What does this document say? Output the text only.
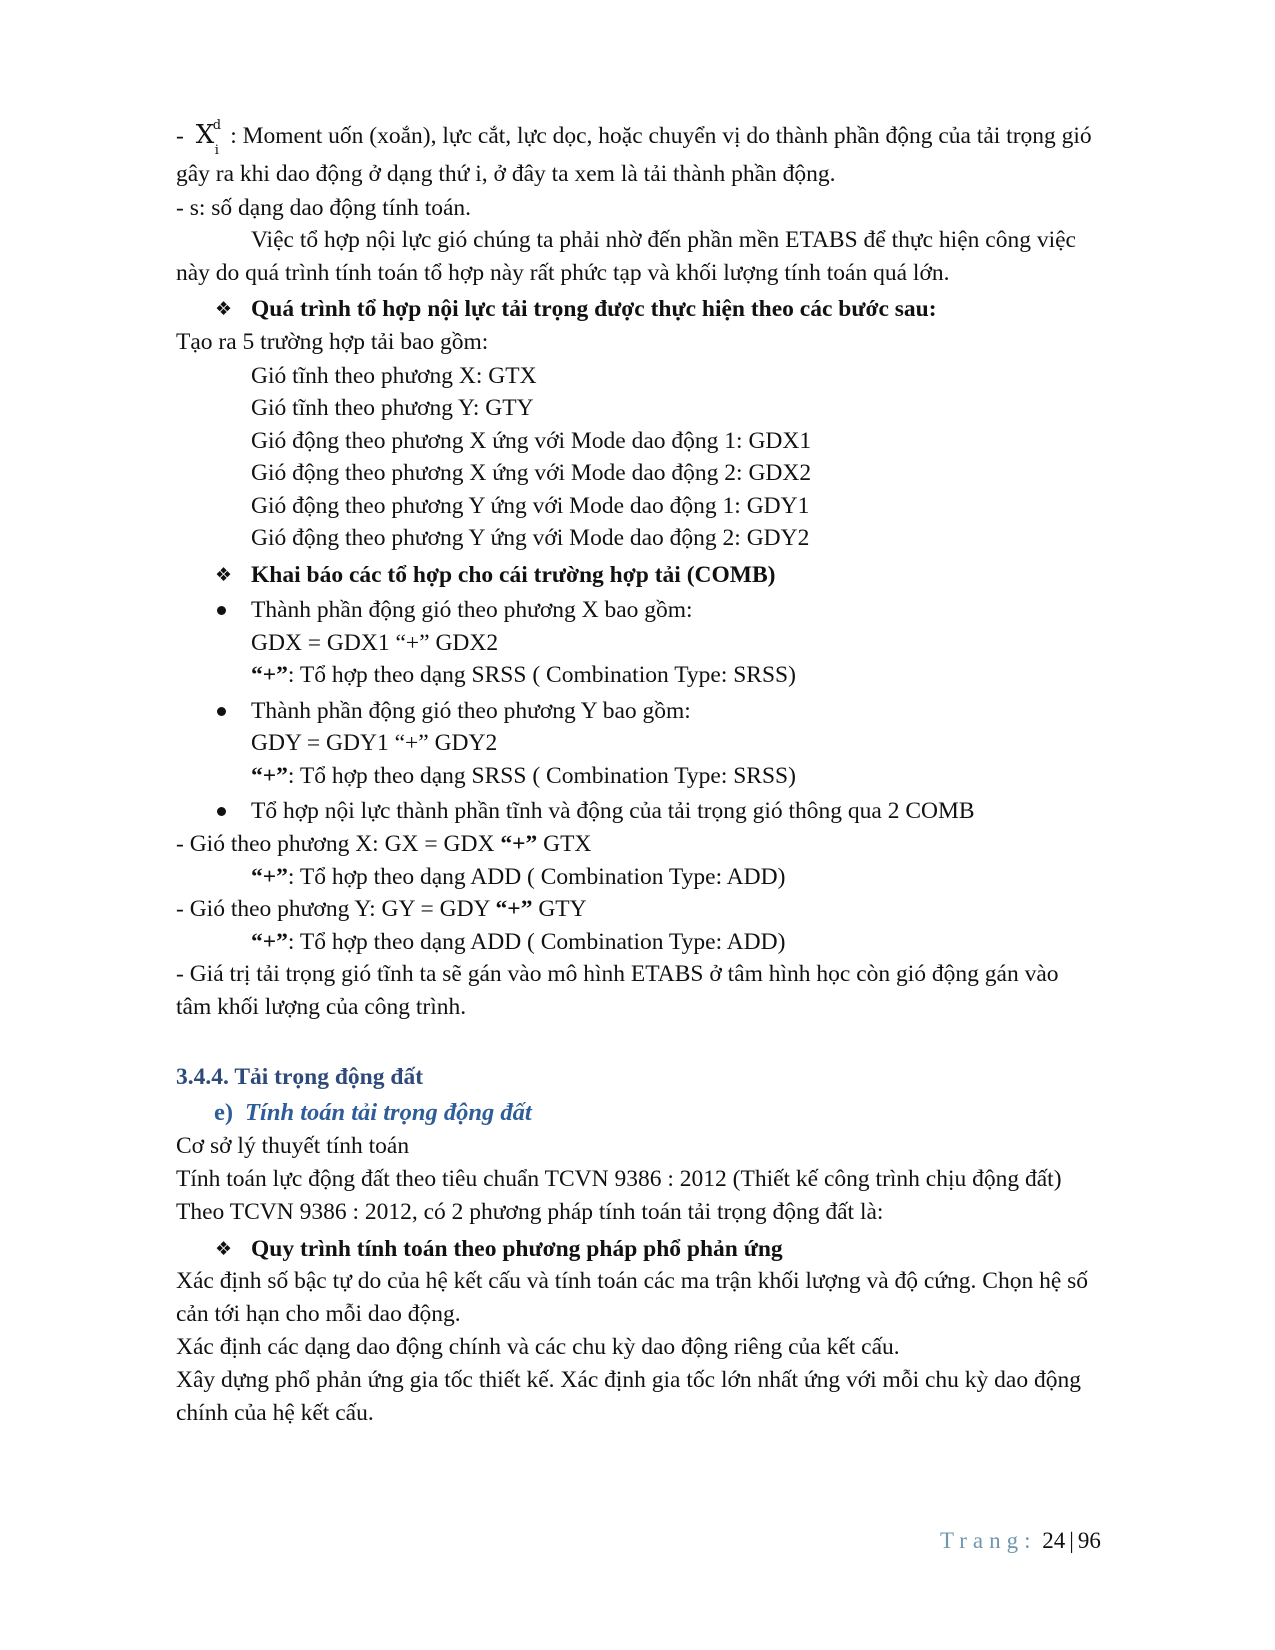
- X
d
i
: Moment uốn (xoắn), lực cắt, lực dọc, hoặc chuyển vị do thành phần động của tải trọng gió
gây ra khi dao động ở dạng thứ i, ở đây ta xem là tải thành phần động.
- s: số dạng dao động tính toán.
Việc tổ hợp nội lực gió chúng ta phải nhờ đến phần mền ETABS để thực hiện công việc
này do quá trình tính toán tổ hợp này rất phức tạp và khối lượng tính toán quá lớn.
❖ Quá trình tổ hợp nội lực tải trọng được thực hiện theo các bước sau:
Tạo ra 5 trường hợp tải bao gồm:
Gió tĩnh theo phương X: GTX
Gió tĩnh theo phương Y: GTY
Gió động theo phương X ứng với Mode dao động 1: GDX1
Gió động theo phương X ứng với Mode dao động 2: GDX2
Gió động theo phương Y ứng với Mode dao động 1: GDY1
Gió động theo phương Y ứng với Mode dao động 2: GDY2
❖ Khai báo các tổ hợp cho cái trường hợp tải (COMB)
Thành phần động gió theo phương X bao gồm:
GDX = GDX1 “+” GDX2
“+”: Tổ hợp theo dạng SRSS ( Combination Type: SRSS)
Thành phần động gió theo phương Y bao gồm:
GDY = GDY1 “+” GDY2
“+”: Tổ hợp theo dạng SRSS ( Combination Type: SRSS)
Tổ hợp nội lực thành phần tĩnh và động của tải trọng gió thông qua 2 COMB
- Gió theo phương X: GX = GDX “+” GTX
“+”: Tổ hợp theo dạng ADD ( Combination Type: ADD)
- Gió theo phương Y: GY = GDY “+” GTY
“+”: Tổ hợp theo dạng ADD ( Combination Type: ADD)
- Giá trị tải trọng gió tĩnh ta sẽ gán vào mô hình ETABS ở tâm hình học còn gió động gán vào
tâm khối lượng của công trình.
3.4.4. Tải trọng động đất
e) Tính toán tải trọng động đất
Cơ sở lý thuyết tính toán
Tính toán lực động đất theo tiêu chuẩn TCVN 9386 : 2012 (Thiết kế công trình chịu động đất)
Theo TCVN 9386 : 2012, có 2 phương pháp tính toán tải trọng động đất là:
❖ Quy trình tính toán theo phương pháp phổ phản ứng
Xác định số bậc tự do của hệ kết cấu và tính toán các ma trận khối lượng và độ cứng. Chọn hệ số
cản tới hạn cho mỗi dao động.
Xác định các dạng dao động chính và các chu kỳ dao động riêng của kết cấu.
Xây dựng phổ phản ứng gia tốc thiết kế. Xác định gia tốc lớn nhất ứng với mỗi chu kỳ dao động
chính của hệ kết cấu.
Trang: 24 | 96
